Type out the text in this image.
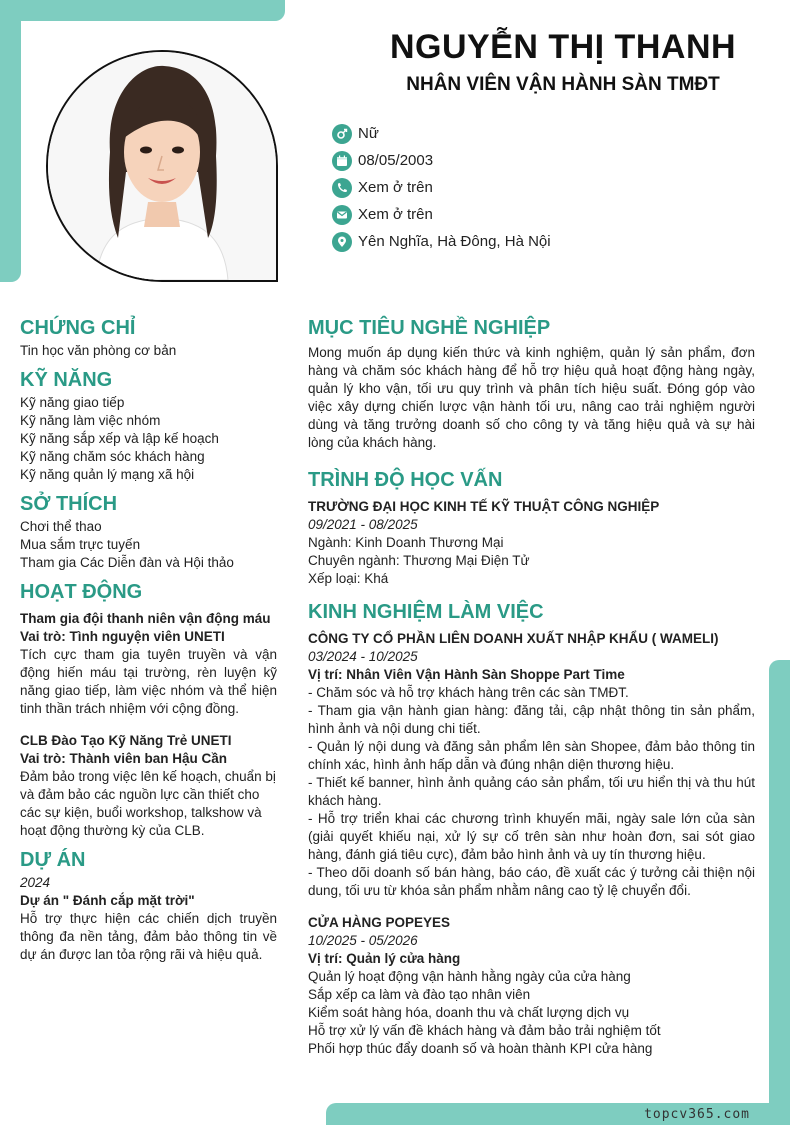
NGUYỄN THỊ THANH
NHÂN VIÊN VẬN HÀNH SÀN TMĐT
Nữ
08/05/2003
Xem ở trên
Xem ở trên
Yên Nghĩa, Hà Đông, Hà Nội
CHỨNG CHỈ
Tin học văn phòng cơ bản
KỸ NĂNG
Kỹ năng giao tiếp
Kỹ năng làm việc nhóm
Kỹ năng sắp xếp và lập kế hoạch
Kỹ năng chăm sóc khách hàng
Kỹ năng quản lý mạng xã hội
SỞ THÍCH
Chơi thể thao
Mua sắm trực tuyến
Tham gia Các Diễn đàn và Hội thảo
HOẠT ĐỘNG
Tham gia đội thanh niên vận động máu
Vai trò: Tình nguyện viên UNETI
Tích cực tham gia tuyên truyền và vận động hiến máu tại trường, rèn luyện kỹ năng giao tiếp, làm việc nhóm và thể hiện tinh thần trách nhiệm với cộng đồng.
CLB Đào Tạo Kỹ Năng Trẻ UNETI
Vai trò: Thành viên ban Hậu Cần
Đảm bảo trong việc lên kế hoạch, chuẩn bị và đảm bảo các nguồn lực cần thiết cho các sự kiện, buổi workshop, talkshow và hoạt động thường kỳ của CLB.
DỰ ÁN
2024
Dự án " Đánh cắp mặt trời"
Hỗ trợ thực hiện các chiến dịch truyền thông đa nền tảng, đảm bảo thông tin về dự án được lan tỏa rộng rãi và hiệu quả.
MỤC TIÊU NGHỀ NGHIỆP
Mong muốn áp dụng kiến thức và kinh nghiệm, quản lý sản phẩm, đơn hàng và chăm sóc khách hàng để hỗ trợ hiệu quả hoạt động hàng ngày, quản lý kho vận, tối ưu quy trình và phân tích hiệu suất. Đóng góp vào việc xây dựng chiến lược vận hành tối ưu, nâng cao trải nghiệm người dùng và tăng trưởng doanh số cho công ty và tăng hiệu quả và sự hài lòng của khách hàng.
TRÌNH ĐỘ HỌC VẤN
TRƯỜNG ĐẠI HỌC KINH TẾ KỸ THUẬT CÔNG NGHIỆP
09/2021 - 08/2025
Ngành: Kinh Doanh Thương Mại
Chuyên ngành: Thương Mại Điện Tử
Xếp loại: Khá
KINH NGHIỆM LÀM VIỆC
CÔNG TY CỔ PHẦN LIÊN DOANH XUẤT NHẬP KHẨU ( WAMELI)
03/2024 - 10/2025
Vị trí: Nhân Viên Vận Hành Sàn Shoppe Part Time
- Chăm sóc và hỗ trợ khách hàng trên các sàn TMĐT.
- Tham gia vận hành gian hàng: đăng tải, cập nhật thông tin sản phẩm, hình ảnh và nội dung chi tiết.
- Quản lý nội dung và đăng sản phẩm lên sàn Shopee, đảm bảo thông tin chính xác, hình ảnh hấp dẫn và đúng nhận diện thương hiệu.
- Thiết kế banner, hình ảnh quảng cáo sản phẩm, tối ưu hiển thị và thu hút khách hàng.
- Hỗ trợ triển khai các chương trình khuyến mãi, ngày sale lớn của sàn (giải quyết khiếu nại, xử lý sự cố trên sàn như hoàn đơn, sai sót giao hàng, đánh giá tiêu cực), đảm bảo hình ảnh và uy tín thương hiệu.
- Theo dõi doanh số bán hàng, báo cáo, đề xuất các ý tưởng cải thiện nội dung, tối ưu từ khóa sản phẩm nhằm nâng cao tỷ lệ chuyển đổi.
CỬA HÀNG POPEYES
10/2025 - 05/2026
Vị trí: Quản lý cửa hàng
Quản lý hoạt động vận hành hằng ngày của cửa hàng
Sắp xếp ca làm và đào tạo nhân viên
Kiểm soát hàng hóa, doanh thu và chất lượng dịch vụ
Hỗ trợ xử lý vấn đề khách hàng và đảm bảo trải nghiệm tốt
Phối hợp thúc đẩy doanh số và hoàn thành KPI cửa hàng
topcv365.com
